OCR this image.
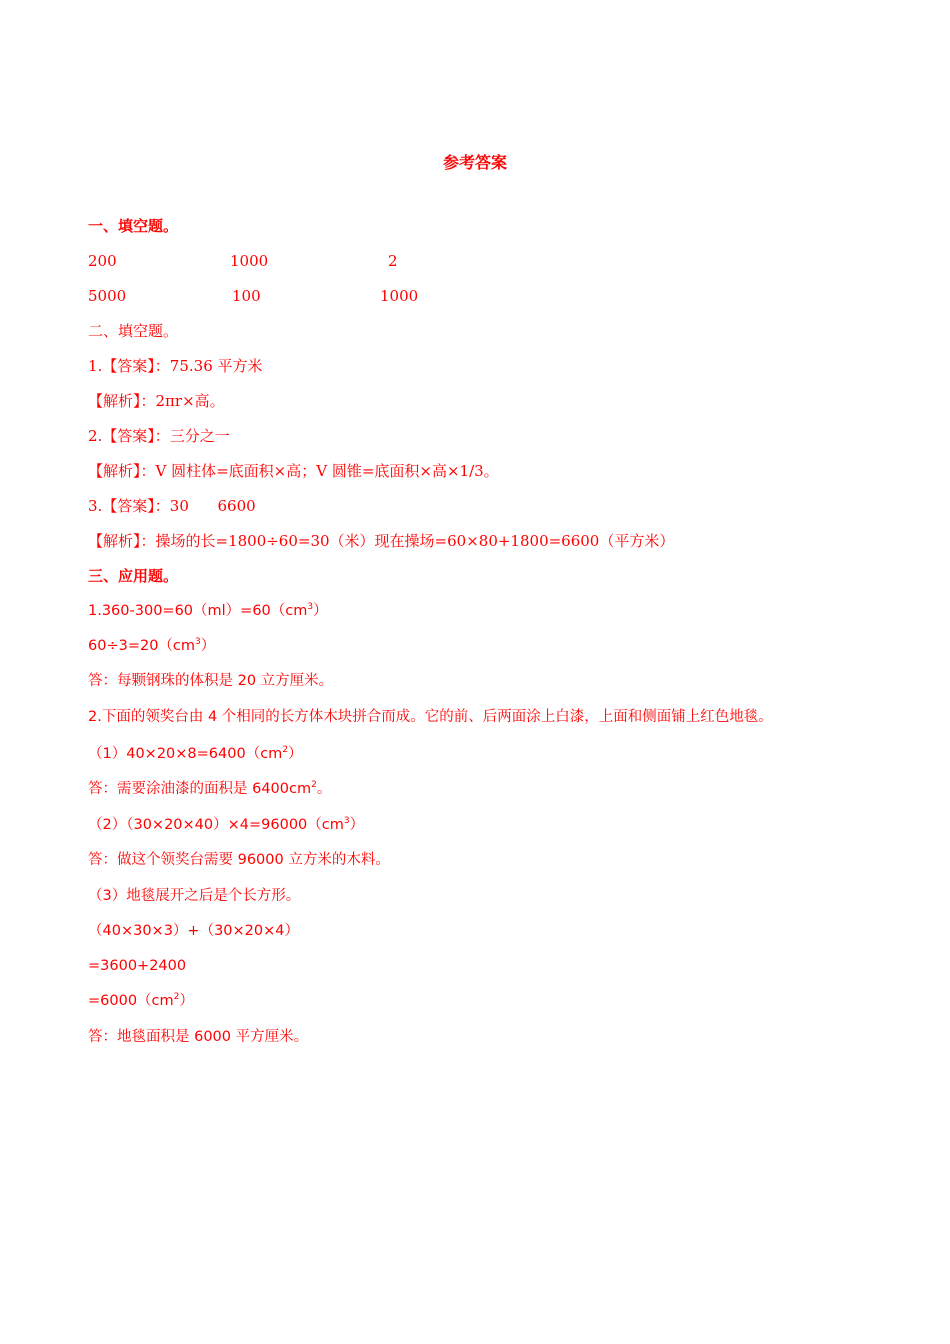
参考答案
一、填空题。
200	1000	2
5000	100	1000
二、填空题。
1.【答案】：75.36 平方米
【解析】：2πr×高。
2.【答案】：三分之一
【解析】：V 圆柱体=底面积×高；V 圆锥=底面积×高×1/3。
3.【答案】：30      6600
【解析】：操场的长=1800÷60=30（米）现在操场=60×80+1800=6600（平方米）
三、应用题。
$1.360-300=60(ml)=60(cm^3)$
$60\div 3=20(cm^3)$
答：每颗钢珠的体积是 20 立方厘米。
2.下面的领奖台由 4 个相同的长方体木块拼合而成。它的前、后两面涂上白漆，上面和侧面铺上红色地毯。
$(1)40\times 20\times 8=6400(cm^2)$
答：需要涂油漆的面积是 $6400cm^2$。
$(2)(30\times 20\times 40)\times 4=96000(cm^3)$
答：做这个领奖台需要 96000 立方米的木料。
（3）地毯展开之后是个长方形。
（40×30×3）+（30×20×4）
=3600+2400
$=6000(cm^2)$
答：地毯面积是 6000 平方厘米。
